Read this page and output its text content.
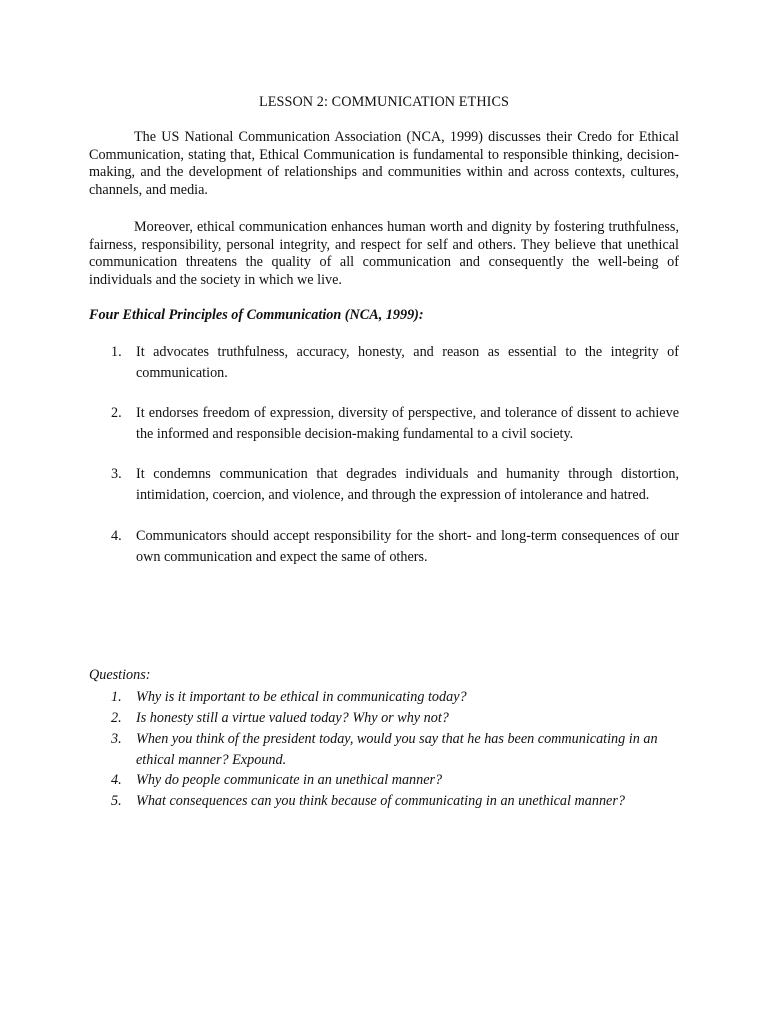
LESSON 2: COMMUNICATION ETHICS

The US National Communication Association (NCA, 1999) discusses their Credo for Ethical Communication, stating that, Ethical Communication is fundamental to responsible thinking, decision-making, and the development of relationships and communities within and across contexts, cultures, channels, and media.

Moreover, ethical communication enhances human worth and dignity by fostering truthfulness, fairness, responsibility, personal integrity, and respect for self and others. They believe that unethical communication threatens the quality of all communication and consequently the well-being of individuals and the society in which we live.

Four Ethical Principles of Communication (NCA, 1999):

1. It advocates truthfulness, accuracy, honesty, and reason as essential to the integrity of communication.
2. It endorses freedom of expression, diversity of perspective, and tolerance of dissent to achieve the informed and responsible decision-making fundamental to a civil society.
3. It condemns communication that degrades individuals and humanity through distortion, intimidation, coercion, and violence, and through the expression of intolerance and hatred.
4. Communicators should accept responsibility for the short- and long-term consequences of our own communication and expect the same of others.

Questions:

1. Why is it important to be ethical in communicating today?
2. Is honesty still a virtue valued today? Why or why not?
3. When you think of the president today, would you say that he has been communicating in an ethical manner? Expound.
4. Why do people communicate in an unethical manner?
5. What consequences can you think because of communicating in an unethical manner?
